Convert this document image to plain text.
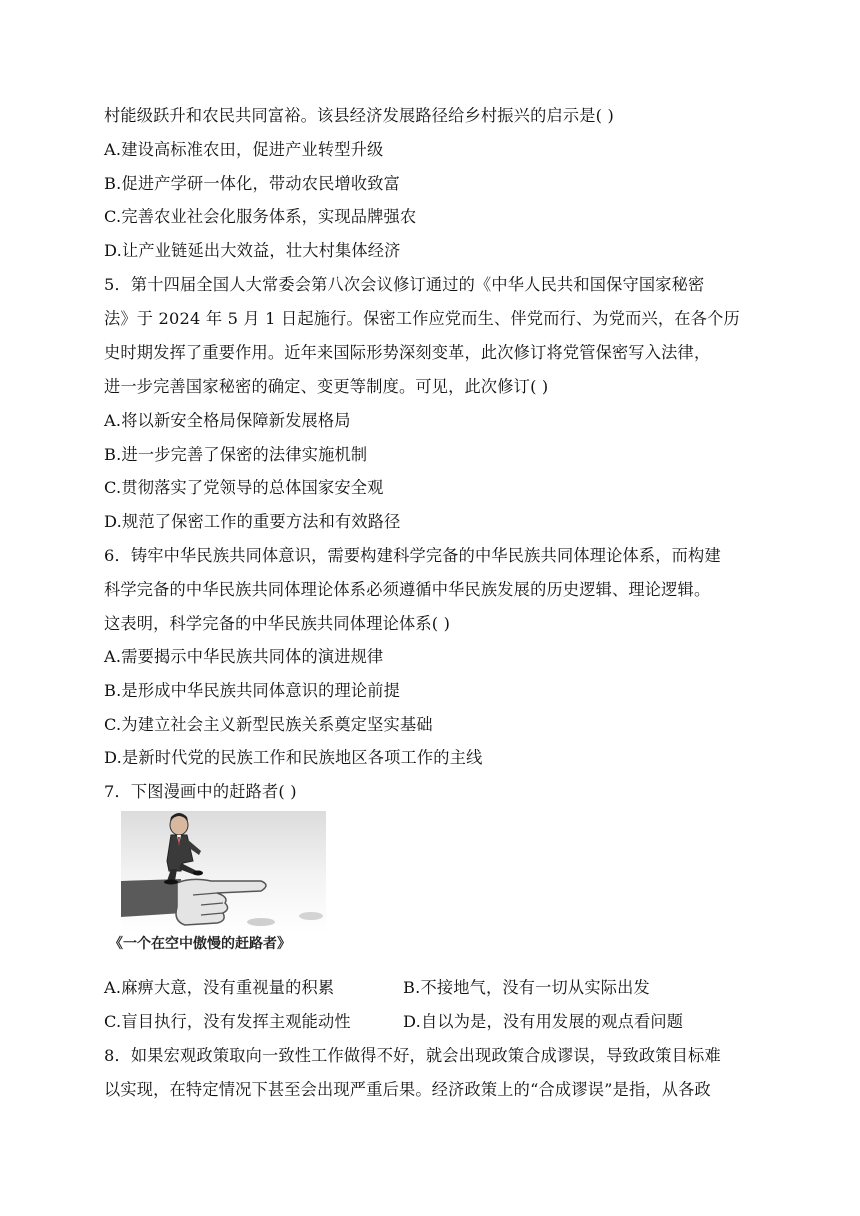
村能级跃升和农民共同富裕。该县经济发展路径给乡村振兴的启示是( )
A.建设高标准农田，促进产业转型升级
B.促进产学研一体化，带动农民增收致富
C.完善农业社会化服务体系，实现品牌强农
D.让产业链延出大效益，壮大村集体经济
5．第十四届全国人大常委会第八次会议修订通过的《中华人民共和国保守国家秘密
法》于 2024 年 5 月 1 日起施行。保密工作应党而生、伴党而行、为党而兴，在各个历
史时期发挥了重要作用。近年来国际形势深刻变革，此次修订将党管保密写入法律，
进一步完善国家秘密的确定、变更等制度。可见，此次修订( )
A.将以新安全格局保障新发展格局
B.进一步完善了保密的法律实施机制
C.贯彻落实了党领导的总体国家安全观
D.规范了保密工作的重要方法和有效路径
6．铸牢中华民族共同体意识，需要构建科学完备的中华民族共同体理论体系，而构建
科学完备的中华民族共同体理论体系必须遵循中华民族发展的历史逻辑、理论逻辑。
这表明，科学完备的中华民族共同体理论体系( )
A.需要揭示中华民族共同体的演进规律
B.是形成中华民族共同体意识的理论前提
C.为建立社会主义新型民族关系奠定坚实基础
D.是新时代党的民族工作和民族地区各项工作的主线
7．下图漫画中的赶路者( )
《一个在空中傲慢的赶路者》
A.麻痹大意，没有重视量的积累	B.不接地气，没有一切从实际出发
C.盲目执行，没有发挥主观能动性	D.自以为是，没有用发展的观点看问题
8．如果宏观政策取向一致性工作做得不好，就会出现政策合成谬误，导致政策目标难
以实现，在特定情况下甚至会出现严重后果。经济政策上的“合成谬误”是指，从各政
